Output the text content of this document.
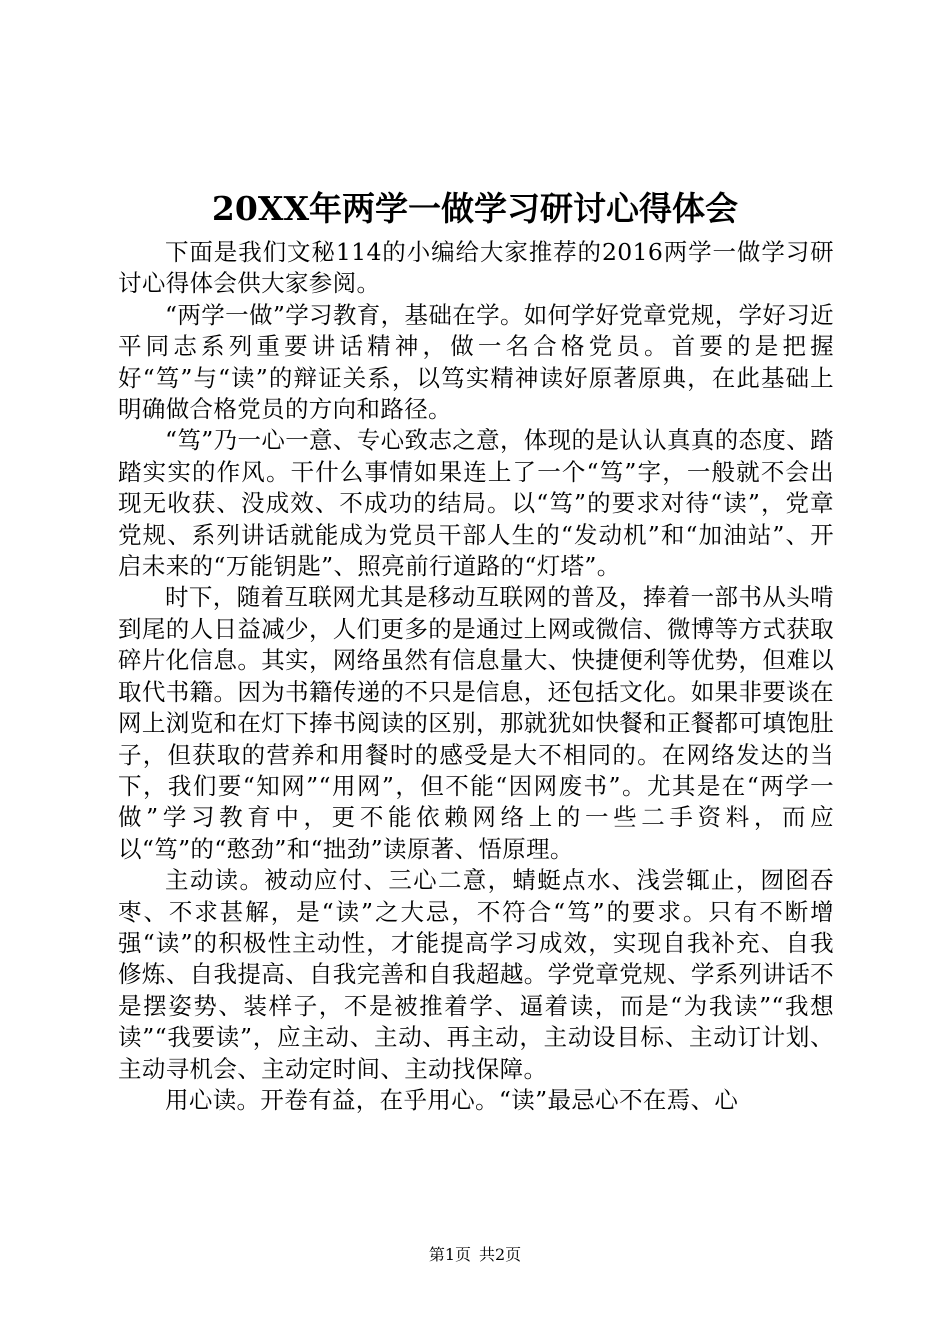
20XX年两学一做学习研讨心得体会

下面是我们文秘114的小编给大家推荐的2016两学一做学习研讨心得体会供大家参阅。

“两学一做”学习教育，基础在学。如何学好党章党规，学好习近平同志系列重要讲话精神，做一名合格党员。首要的是把握好“笃”与“读”的辩证关系，以笃实精神读好原著原典，在此基础上明确做合格党员的方向和路径。

“笃”乃一心一意、专心致志之意，体现的是认认真真的态度、踏踏实实的作风。干什么事情如果连上了一个“笃”字，一般就不会出现无收获、没成效、不成功的结局。以“笃”的要求对待“读”，党章党规、系列讲话就能成为党员干部人生的“发动机”和“加油站”、开启未来的“万能钥匙”、照亮前行道路的“灯塔”。

时下，随着互联网尤其是移动互联网的普及，捧着一部书从头啃到尾的人日益减少，人们更多的是通过上网或微信、微博等方式获取碎片化信息。其实，网络虽然有信息量大、快捷便利等优势，但难以取代书籍。因为书籍传递的不只是信息，还包括文化。如果非要谈在网上浏览和在灯下捧书阅读的区别，那就犹如快餐和正餐都可填饱肚子，但获取的营养和用餐时的感受是大不相同的。在网络发达的当下，我们要“知网”“用网”，但不能“因网废书”。尤其是在“两学一做”学习教育中，更不能依赖网络上的一些二手资料，而应以“笃”的“憨劲”和“拙劲”读原著、悟原理。

主动读。被动应付、三心二意，蜻蜓点水、浅尝辄止，囫囵吞枣、不求甚解，是“读”之大忌，不符合“笃”的要求。只有不断增强“读”的积极性主动性，才能提高学习成效，实现自我补充、自我修炼、自我提高、自我完善和自我超越。学党章党规、学系列讲话不是摆姿势、装样子，不是被推着学、逼着读，而是“为我读”“我想读”“我要读”，应主动、主动、再主动，主动设目标、主动订计划、主动寻机会、主动定时间、主动找保障。

用心读。开卷有益，在乎用心。“读”最忌心不在焉、心

第1页 共2页
